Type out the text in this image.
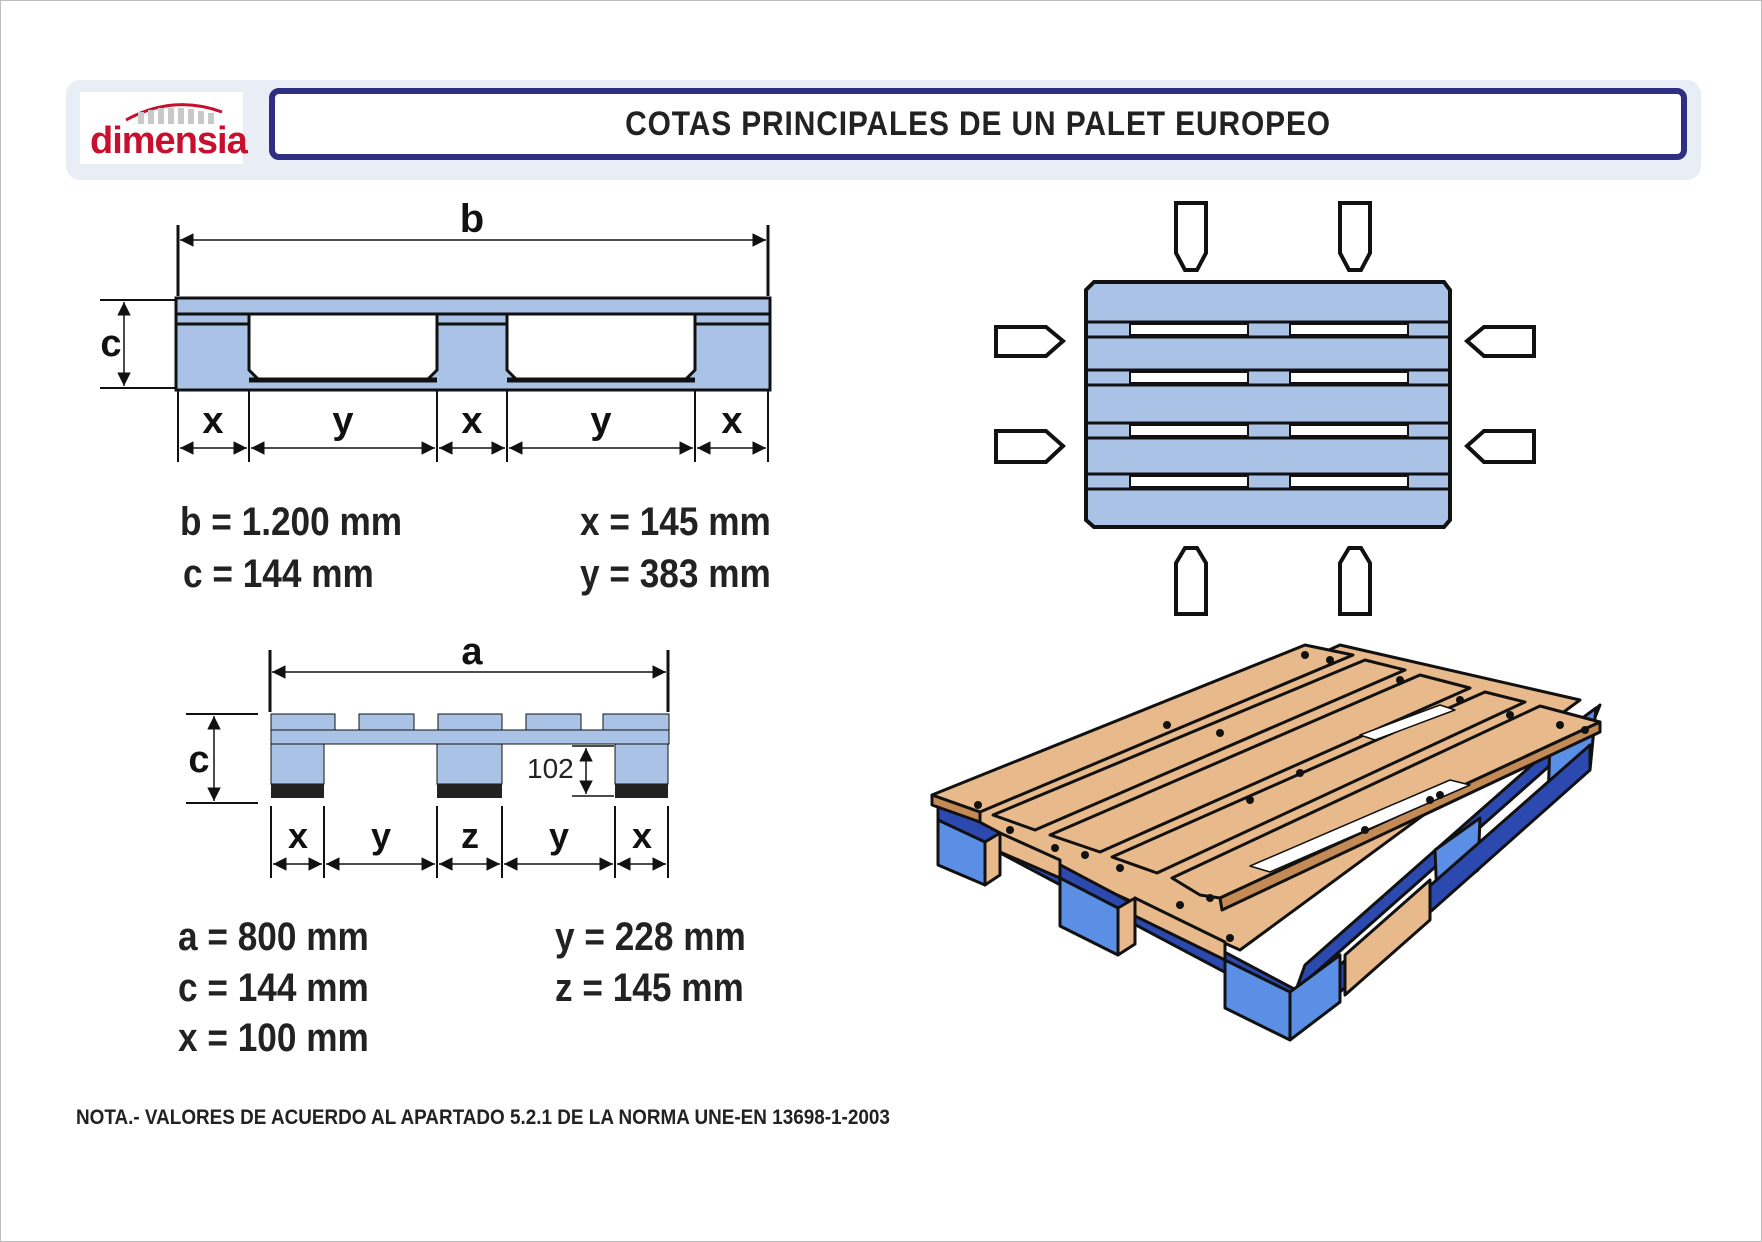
dimensia	COTAS PRINCIPALES DE UN PALET EUROPEO
b
c
x	y	x	y	x
a
c	102
x y z y x
b = 1.200 mm
c = 144 mm
x = 145 mm
y = 383 mm
a = 800 mm
c = 144 mm
x = 100 mm
y = 228 mm
z = 145 mm
NOTA.- VALORES DE ACUERDO AL APARTADO 5.2.1 DE LA NORMA UNE-EN 13698-1-2003
